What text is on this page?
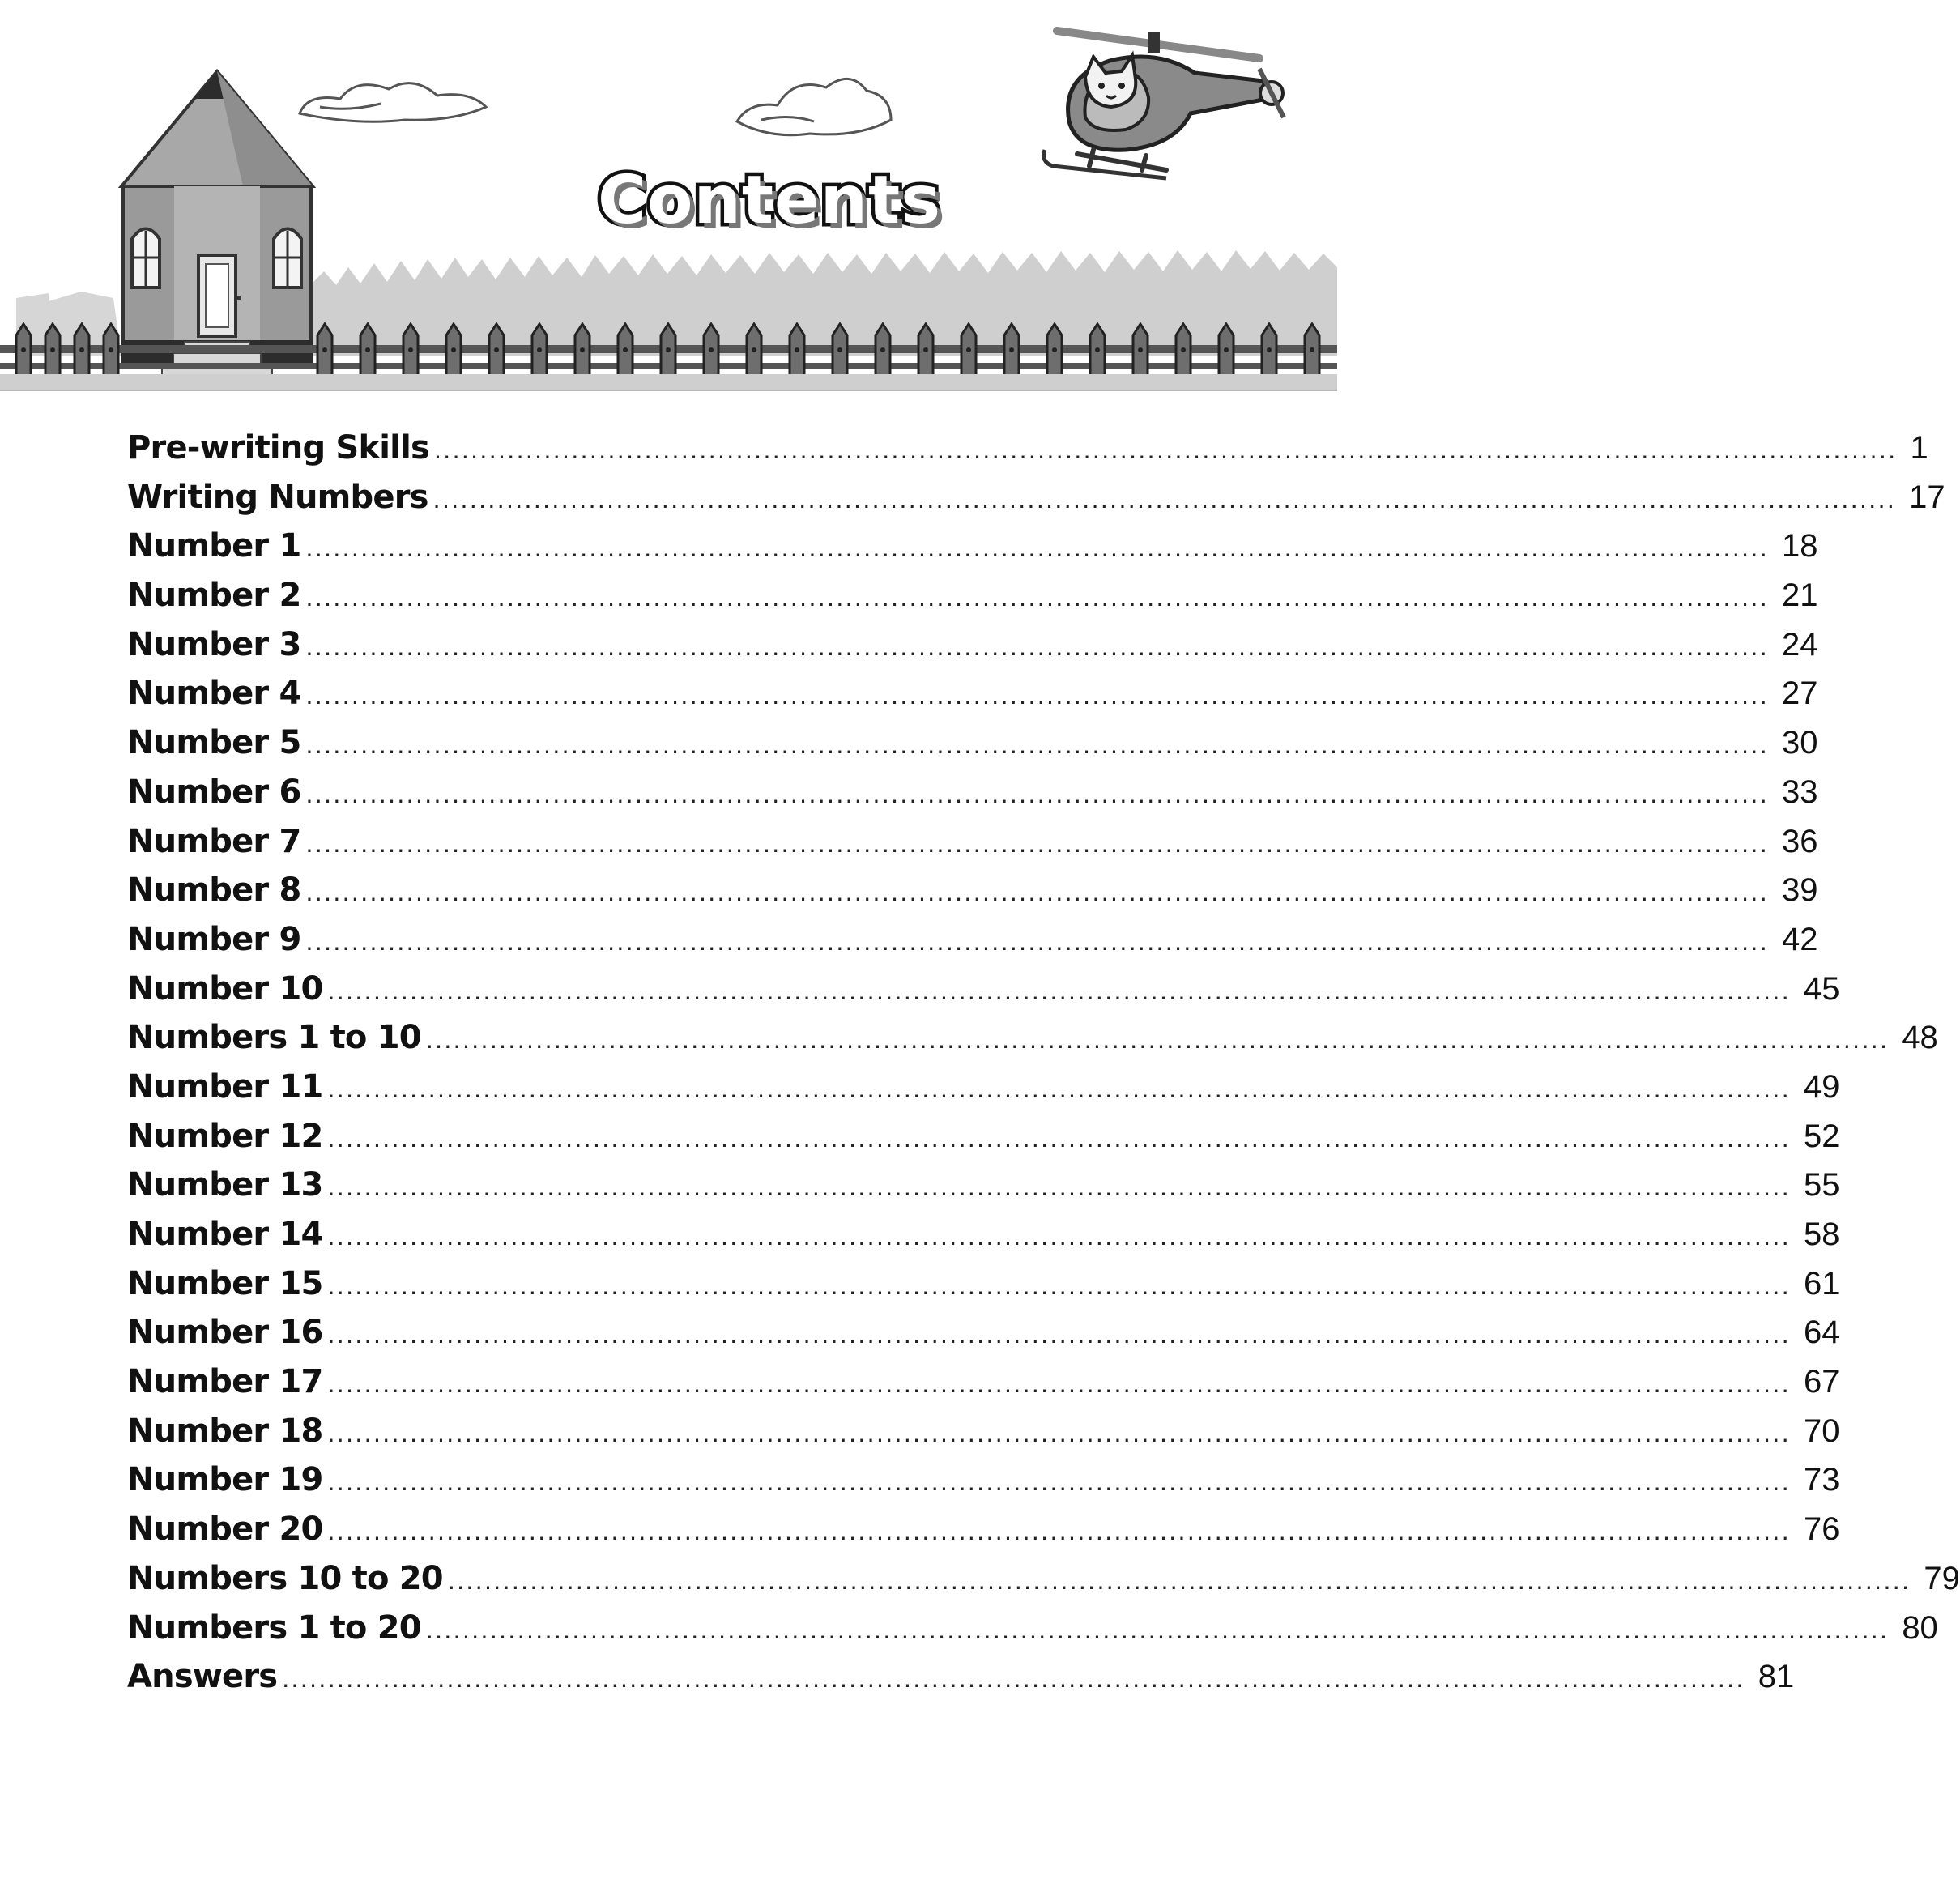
Contents
Pre-writing Skills ................................................................................................................................................................ 1
Writing Numbers ................................................................................................................................................................ 17
Number 1 ................................................................................................................................................................ 18
Number 2 ................................................................................................................................................................ 21
Number 3 ................................................................................................................................................................ 24
Number 4 ................................................................................................................................................................ 27
Number 5 ................................................................................................................................................................ 30
Number 6 ................................................................................................................................................................ 33
Number 7 ................................................................................................................................................................ 36
Number 8 ................................................................................................................................................................ 39
Number 9 ................................................................................................................................................................ 42
Number 10 ................................................................................................................................................................ 45
Numbers 1 to 10 ................................................................................................................................................................ 48
Number 11 ................................................................................................................................................................ 49
Number 12 ................................................................................................................................................................ 52
Number 13 ................................................................................................................................................................ 55
Number 14 ................................................................................................................................................................ 58
Number 15 ................................................................................................................................................................ 61
Number 16 ................................................................................................................................................................ 64
Number 17 ................................................................................................................................................................ 67
Number 18 ................................................................................................................................................................ 70
Number 19 ................................................................................................................................................................ 73
Number 20 ................................................................................................................................................................ 76
Numbers 10 to 20 ................................................................................................................................................................ 79
Numbers 1 to 20 ................................................................................................................................................................ 80
Answers ................................................................................................................................................................ 81
